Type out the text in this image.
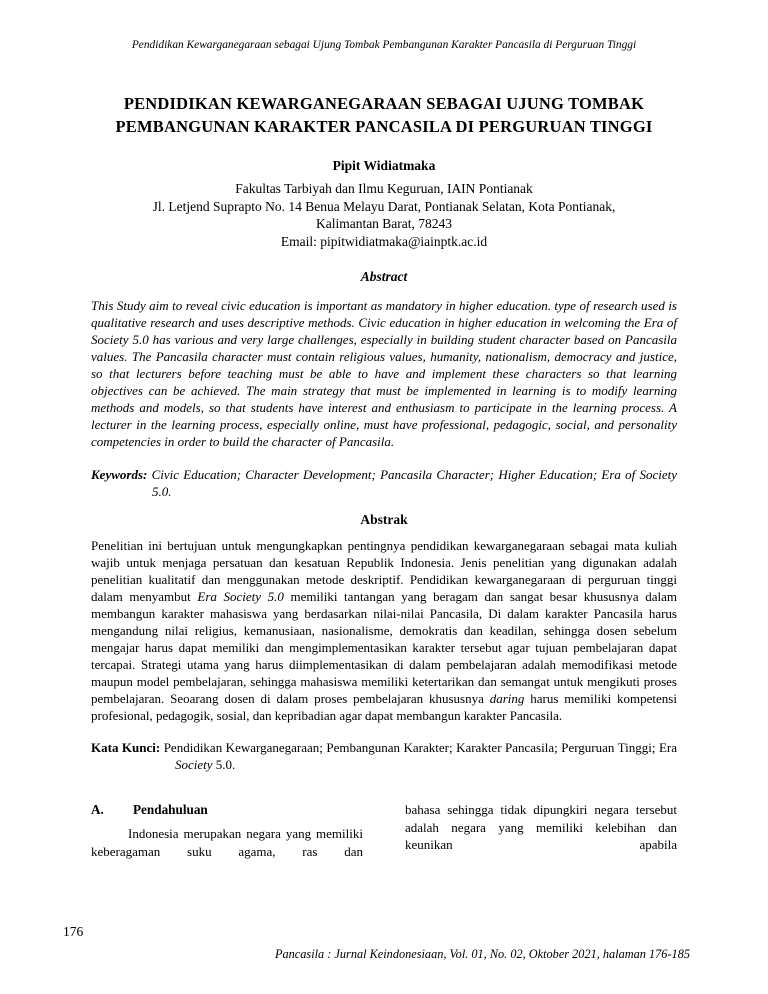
Pendidikan Kewarganegaraan sebagai Ujung Tombak Pembangunan Karakter Pancasila di Perguruan Tinggi
PENDIDIKAN KEWARGANEGARAAN SEBAGAI UJUNG TOMBAK
PEMBANGUNAN KARAKTER PANCASILA DI PERGURUAN TINGGI
Pipit Widiatmaka
Fakultas Tarbiyah dan Ilmu Keguruan, IAIN Pontianak
Jl. Letjend Suprapto No. 14 Benua Melayu Darat, Pontianak Selatan, Kota Pontianak,
Kalimantan Barat, 78243
Email: pipitwidiatmaka@iainptk.ac.id
Abstract

This Study aim to reveal civic education is important as mandatory in higher education. type of research used is qualitative research and uses descriptive methods. Civic education in higher education in welcoming the Era of Society 5.0 has various and very large challenges, especially in building student character based on Pancasila values. The Pancasila character must contain religious values, humanity, nationalism, democracy and justice, so that lecturers before teaching must be able to have and implement these characters so that learning objectives can be achieved. The main strategy that must be implemented in learning is to modify learning methods and models, so that students have interest and enthusiasm to participate in the learning process. A lecturer in the learning process, especially online, must have professional, pedagogic, social, and personality competencies in order to build the character of Pancasila.

Keywords: Civic Education; Character Development; Pancasila Character; Higher Education; Era of Society 5.0.
Abstrak

Penelitian ini bertujuan untuk mengungkapkan pentingnya pendidikan kewarganegaraan sebagai mata kuliah wajib untuk menjaga persatuan dan kesatuan Republik Indonesia. Jenis penelitian yang digunakan adalah penelitian kualitatif dan menggunakan metode deskriptif. Pendidikan kewarganegaraan di perguruan tinggi dalam menyambut Era Society 5.0 memiliki tantangan yang beragam dan sangat besar khususnya dalam membangun karakter mahasiswa yang berdasarkan nilai-nilai Pancasila, Di dalam karakter Pancasila harus mengandung nilai religius, kemanusiaan, nasionalisme, demokratis dan keadilan, sehingga dosen sebelum mengajar harus dapat memiliki dan mengimplementasikan karakter tersebut agar tujuan pembelajaran dapat tercapai. Strategi utama yang harus diimplementasikan di dalam pembelajaran adalah memodifikasi metode maupun model pembelajaran, sehingga mahasiswa memiliki ketertarikan dan semangat untuk mengikuti proses pembelajaran. Seoarang dosen di dalam proses pembelajaran khususnya daring harus memiliki kompetensi profesional, pedagogik, sosial, dan kepribadian agar dapat membangun karakter Pancasila.

Kata Kunci: Pendidikan Kewarganegaraan; Pembangunan Karakter; Karakter Pancasila; Perguruan Tinggi; Era Society 5.0.
A. Pendahuluan

Indonesia merupakan negara yang memiliki keberagaman suku agama, ras dan

bahasa sehingga tidak dipungkiri negara tersebut adalah negara yang memiliki kelebihan dan keunikan apabila

176
Pancasila : Jurnal Keindonesiaan, Vol. 01, No. 02, Oktober 2021, halaman 176-185
